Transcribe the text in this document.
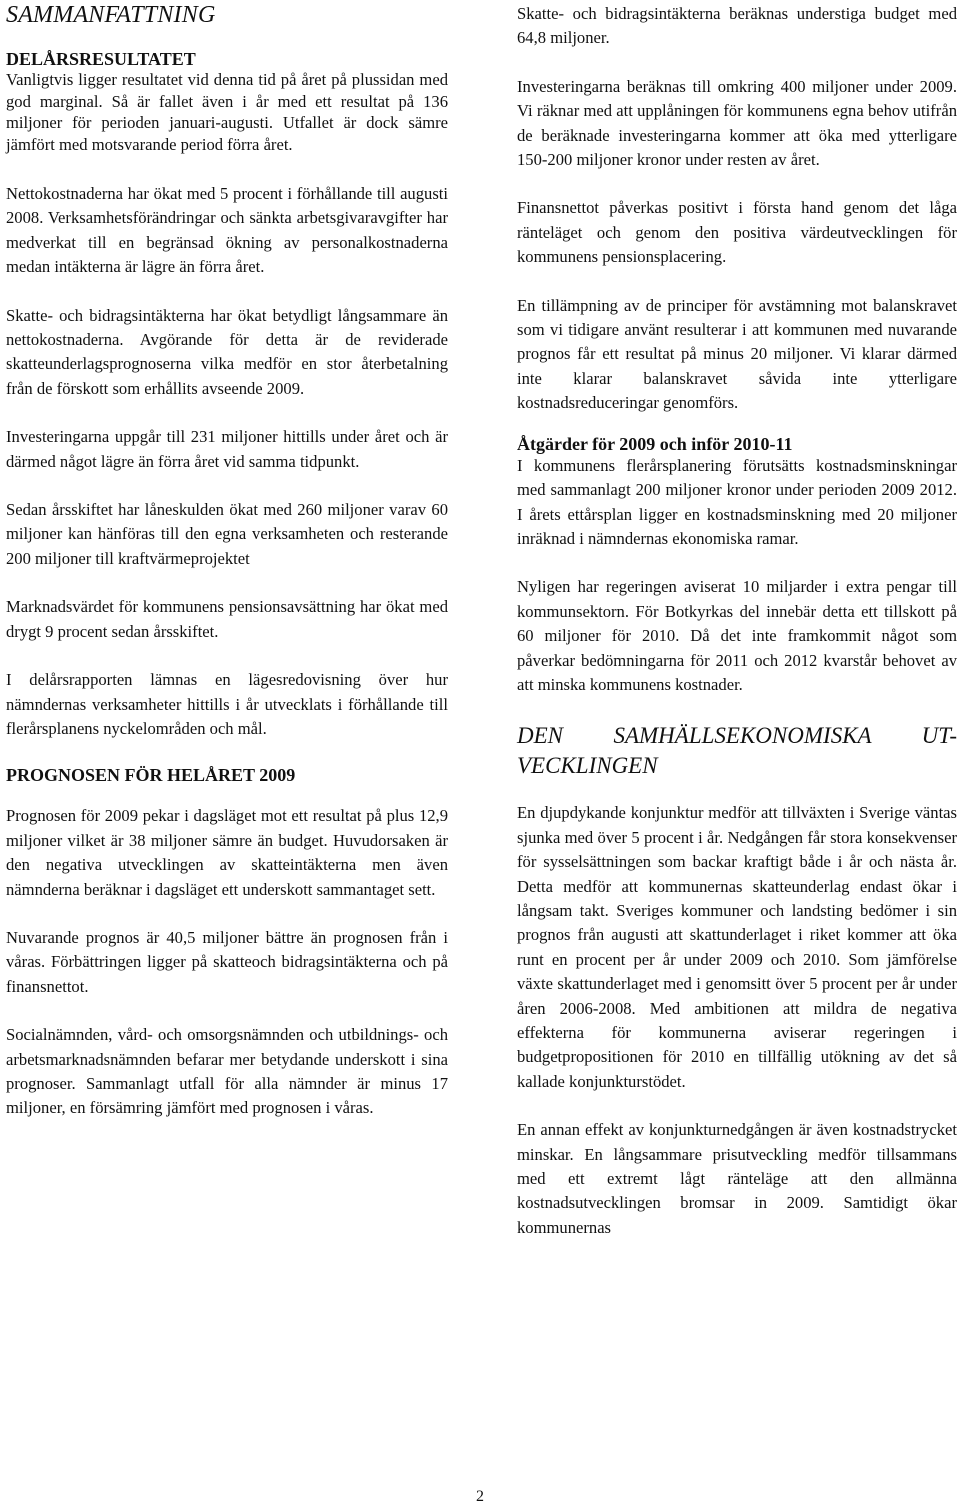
SAMMANFATTNING
DELÅRSRESULTATET

Vanligtvis ligger resultatet vid denna tid på året på plussidan med god marginal. Så är fallet även i år med ett resultat på 136 miljoner för perioden januari-augusti. Utfallet är dock sämre jämfört med motsvarande period förra året.

Nettokostnaderna har ökat med 5 procent i förhållande till augusti 2008. Verksamhetsförändringar och sänkta arbetsgivaravgifter har medverkat till en begränsad ökning av personalkostnaderna medan intäkterna är lägre än förra året.

Skatte- och bidragsintäkterna har ökat betydligt långsammare än nettokostnaderna. Avgörande för detta är de reviderade skatteunderlagsprognoserna vilka medför en stor återbetalning från de förskott som erhållits avseende 2009.

Investeringarna uppgår till 231 miljoner hittills under året och är därmed något lägre än förra året vid samma tidpunkt.

Sedan årsskiftet har låneskulden ökat med 260 miljoner varav 60 miljoner kan hänföras till den egna verksamheten och resterande 200 miljoner till kraftvärmeprojektet

Marknadsvärdet för kommunens pensionsavsättning har ökat med drygt 9 procent sedan årsskiftet.

I delårsrapporten lämnas en lägesredovisning över hur nämndernas verksamheter hittills i år utvecklats i förhållande till flerårsplanens nyckelområden och mål.

PROGNOSEN FÖR HELÅRET 2009

Prognosen för 2009 pekar i dagsläget mot ett resultat på plus 12,9 miljoner vilket är 38 miljoner sämre än budget. Huvudorsaken är den negativa utvecklingen av skatteintäkterna men även nämnderna beräknar i dagsläget ett underskott sammantaget sett.

Nuvarande prognos är 40,5 miljoner bättre än prognosen från i våras. Förbättringen ligger på skatteoch bidragsintäkterna och på finansnettot.

Socialnämnden, vård- och omsorgsnämnden och utbildnings- och arbetsmarknadsnämnden befarar mer betydande underskott i sina prognoser. Sammanlagt utfall för alla nämnder är minus 17 miljoner, en försämring jämfört med prognosen i våras.

Skatte- och bidragsintäkterna beräknas understiga budget med 64,8 miljoner.

Investeringarna beräknas till omkring 400 miljoner under 2009. Vi räknar med att upplåningen för kommunens egna behov utifrån de beräknade investeringarna kommer att öka med ytterligare 150-200 miljoner kronor under resten av året.

Finansnettot påverkas positivt i första hand genom det låga ränteläget och genom den positiva värdeutvecklingen för kommunens pensionsplacering.

En tillämpning av de principer för avstämning mot balanskravet som vi tidigare använt resulterar i att kommunen med nuvarande prognos får ett resultat på minus 20 miljoner. Vi klarar därmed inte klarar balanskravet såvida inte ytterligare kostnadsreduceringar genomförs.

Åtgärder för 2009 och inför 2010-11

I kommunens flerårsplanering förutsätts kostnadsminskningar med sammanlagt 200 miljoner kronor under perioden 2009 2012. I årets ettårsplan ligger en kostnadsminskning med 20 miljoner inräknad i nämndernas ekonomiska ramar.

Nyligen har regeringen aviserat 10 miljarder i extra pengar till kommunsektorn. För Botkyrkas del innebär detta ett tillskott på 60 miljoner för 2010. Då det inte framkommit något som påverkar bedömningarna för 2011 och 2012 kvarstår behovet av att minska kommunens kostnader.

DEN SAMHÄLLSEKONOMISKA UT-
VECKLINGEN

En djupdykande konjunktur medför att tillväxten i Sverige väntas sjunka med över 5 procent i år. Nedgången får stora konsekvenser för sysselsättningen som backar kraftigt både i år och nästa år. Detta medför att kommunernas skatteunderlag endast ökar i långsam takt. Sveriges kommuner och landsting bedömer i sin prognos från augusti att skattunderlaget i riket kommer att öka runt en procent per år under 2009 och 2010. Som jämförelse växte skattunderlaget med i genomsitt över 5 procent per år under åren 2006-2008. Med ambitionen att mildra de negativa effekterna för kommunerna aviserar regeringen i budgetpropositionen för 2010 en tillfällig utökning av det så kallade konjunkturstödet.

En annan effekt av konjunkturnedgången är även kostnadstrycket minskar. En långsammare prisutveckling medför tillsammans med ett extremt lågt ränteläge att den allmänna kostnadsutvecklingen bromsar in 2009. Samtidigt ökar kommunernas

2
